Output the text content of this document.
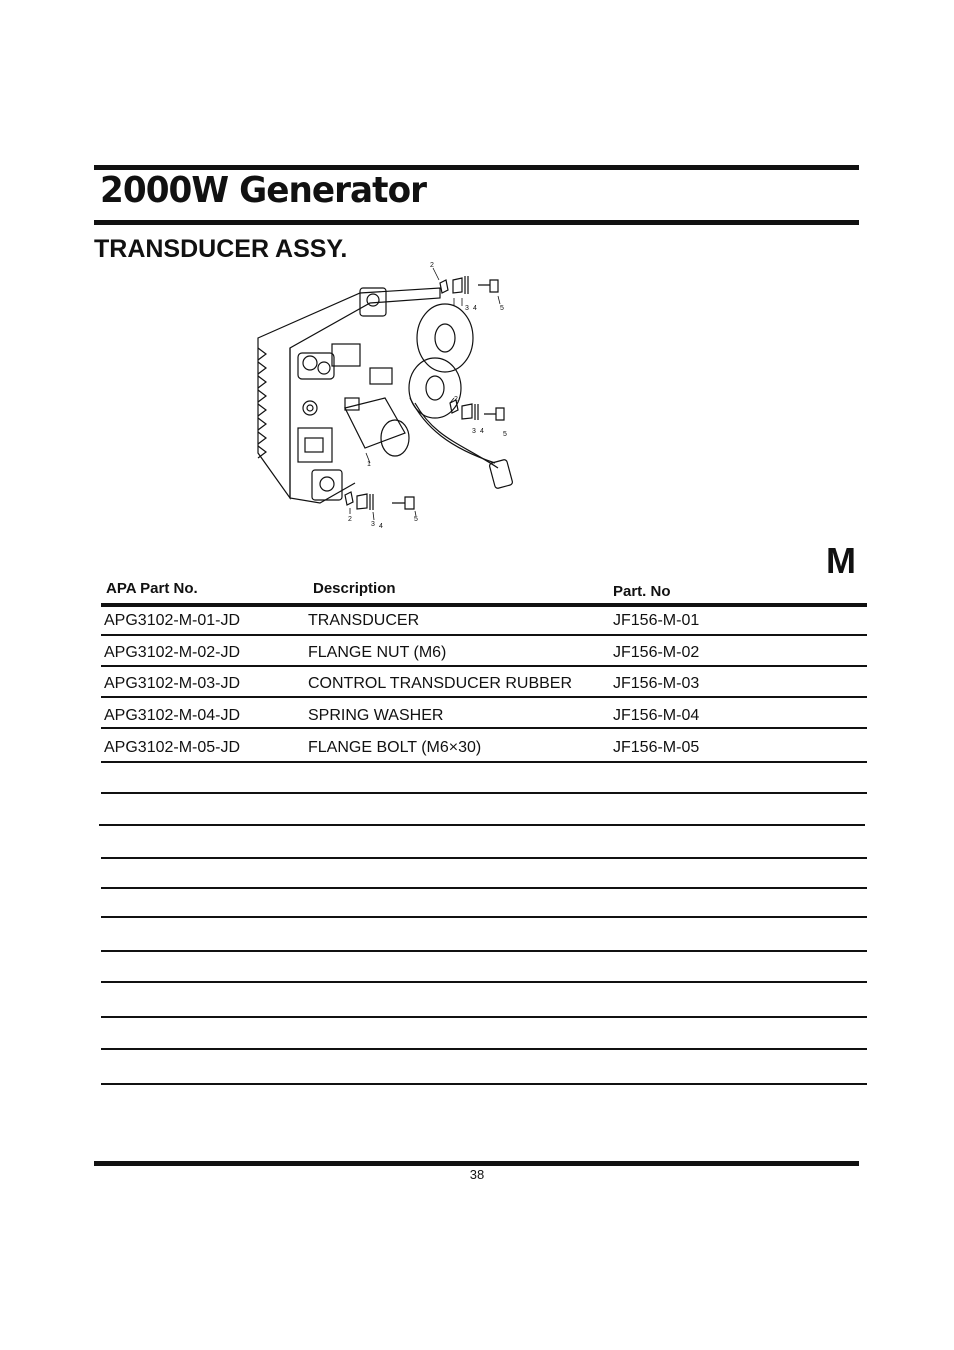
2000W Generator
TRANSDUCER ASSY.
2
3 4	5
2
3 4	5
1
2
3 4
5
M
APA Part No.	Description	Part. No
APG3102-M-01-JD	TRANSDUCER	JF156-M-01
APG3102-M-02-JD	FLANGE NUT (M6)	JF156-M-02
APG3102-M-03-JD	CONTROL TRANSDUCER RUBBER	JF156-M-03
APG3102-M-04-JD	SPRING WASHER	JF156-M-04
APG3102-M-05-JD	FLANGE BOLT (M6×30)	JF156-M-05
38
